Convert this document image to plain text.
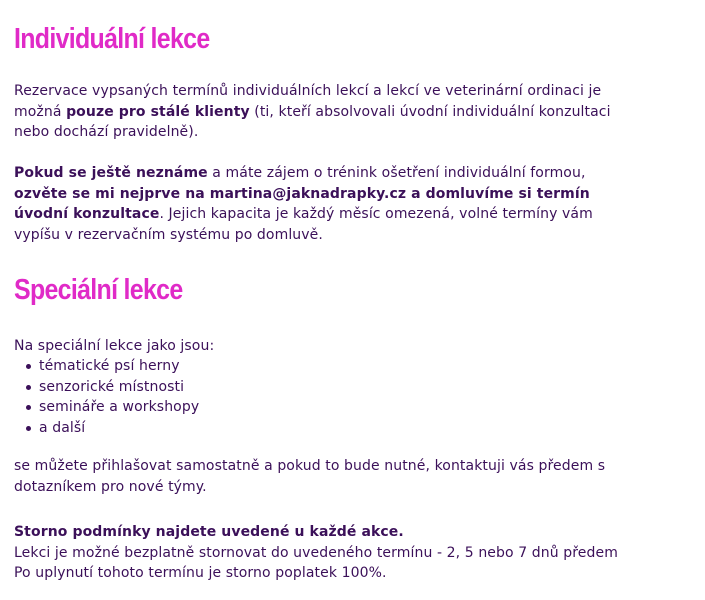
Individuální lekce

Rezervace vypsaných termínů individuálních lekcí a lekcí ve veterinární ordinaci je možná pouze pro stálé klienty (ti, kteří absolvovali úvodní individuální konzultaci nebo dochází pravidelně).

Pokud se ještě neznáme a máte zájem o trénink ošetření individuální formou, ozvěte se mi nejprve na martina@jaknadrapky.cz a domluvíme si termín úvodní konzultace. Jejich kapacita je každý měsíc omezená, volné termíny vám vypíšu v rezervačním systému po domluvě.

Speciální lekce

Na speciální lekce jako jsou:

tématické psí herny
senzorické místnosti
semináře a workshopy
a další

se můžete přihlašovat samostatně a pokud to bude nutné, kontaktuji vás předem s dotazníkem pro nové týmy.

Storno podmínky najdete uvedené u každé akce.
Lekci je možné bezplatně stornovat do uvedeného termínu - 2, 5 nebo 7 dnů předem
Po uplynutí tohoto termínu je storno poplatek 100%.
